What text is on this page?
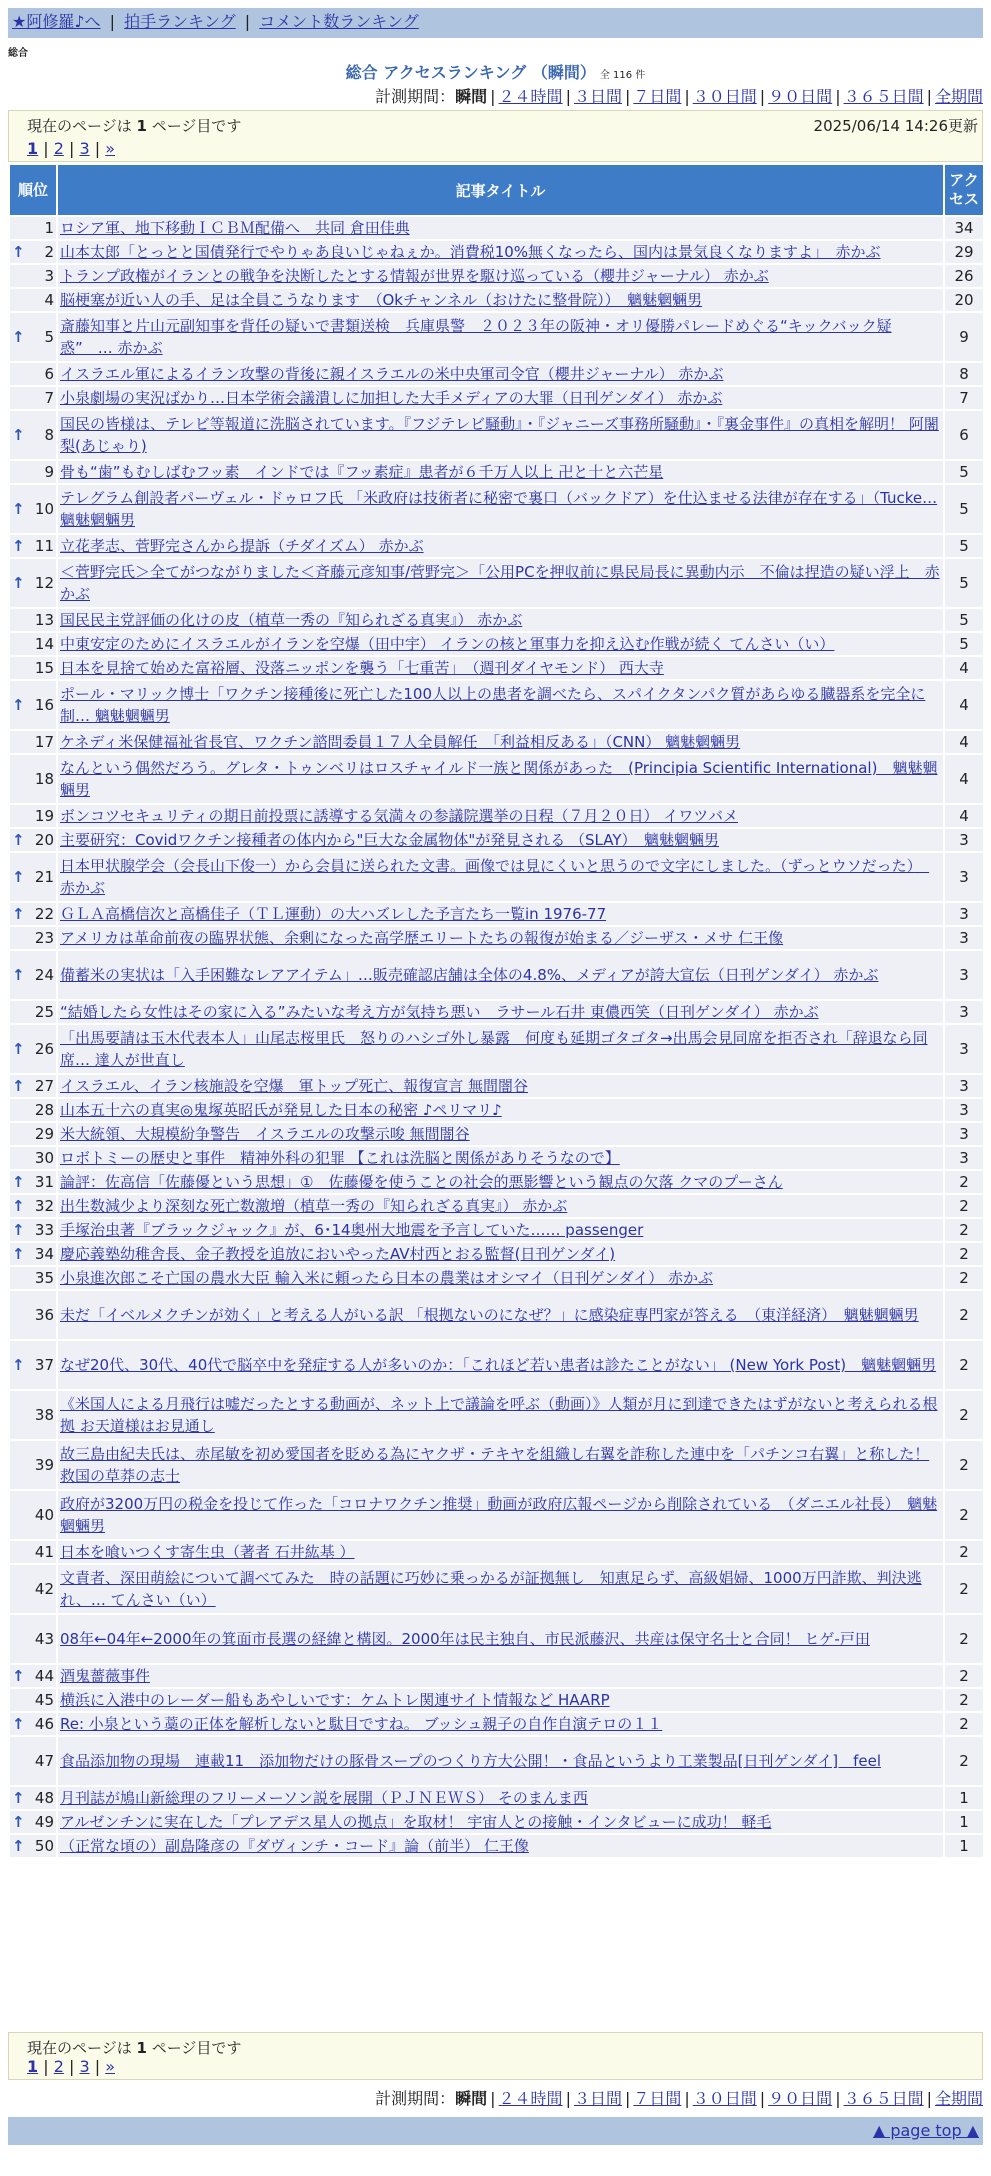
★阿修羅♪へ | 拍手ランキング | コメント数ランキング
総合
総合 アクセスランキング （瞬間） 全 116 件
計測期間：瞬間 | ２４時間 | ３日間 | ７日間 | ３０日間 | ９０日間 | ３６５日間 | 全期間
現在のページは 1 ページ目です	2025/06/14 14:26更新
1 | 2 | 3 | »
順位	記事タイトル	アクセス
1	ロシア軍、地下移動ＩＣＢＭ配備へ　共同 倉田佳典	34

↑ 2	山本太郎「とっとと国債発行でやりゃあ良いじゃねぇか。消費税10%無くなったら、国内は景気良くなりますよ」　赤かぶ	29
3	トランプ政権がイランとの戦争を決断したとする情報が世界を駆け巡っている（櫻井ジャーナル） 赤かぶ	26
4	脳梗塞が近い人の手、足は全員こうなります　（Okチャンネル（おけたに整骨院））　魑魅魍魎男	20

↑ 5	斎藤知事と片山元副知事を背任の疑いで書類送検　兵庫県警　２０２３年の阪神・オリ優勝パレードめぐる“キックバック疑惑”　… 赤かぶ	9
6	イスラエル軍によるイラン攻撃の背後に親イスラエルの米中央軍司令官（櫻井ジャーナル） 赤かぶ	8
7	小泉劇場の実況ばかり…日本学術会議潰しに加担した大手メディアの大罪（日刊ゲンダイ） 赤かぶ	7

↑ 8	国民の皆様は、テレビ等報道に洗脳されています。『フジテレビ騒動』・『ジャニーズ事務所騒動』・『裏金事件』の真相を解明！ 阿闍梨(あじゃり)	6
9	骨も“歯”もむしばむフッ素　インドでは『フッ素症』患者が６千万人以上 卍と十と六芒星	5

↑ 10	テレグラム創設者パーヴェル・ドゥロフ氏 「米政府は技術者に秘密で裏口（バックドア）を仕込ませる法律が存在する」（Tucke… 魑魅魍魎男	5

↑ 11	立花孝志、菅野完さんから提訴（チダイズム） 赤かぶ	5

↑ 12	＜菅野完氏＞全てがつながりました＜斉藤元彦知事/菅野完＞「公用PCを押収前に県民局長に異動内示　不倫は捏造の疑い浮上　赤かぶ	5
13	国民民主党評価の化けの皮（植草一秀の『知られざる真実』） 赤かぶ	5
14	中東安定のためにイスラエルがイランを空爆（田中宇） イランの核と軍事力を抑え込む作戦が続く てんさい（い）	5
15	日本を見捨て始めた富裕層、没落ニッポンを襲う「七重苦」　（週刊ダイヤモンド） 西大寺	4

↑ 16	ポール・マリック博士「ワクチン接種後に死亡した100人以上の患者を調べたら、スパイクタンパク質があらゆる臓器系を完全に制… 魑魅魍魎男	4
17	ケネディ米保健福祉省長官、ワクチン諮問委員１７人全員解任　「利益相反ある」（CNN） 魑魅魍魎男	4
18	なんという偶然だろう。グレタ・トゥンベリはロスチャイルド一族と関係があった　(Principia Scientific International)　魑魅魍魎男	4
19	ボンコツセキュリティの期日前投票に誘導する気満々の参議院選挙の日程（７月２０日） イワツバメ	4

↑ 20	主要研究：Covidワクチン接種者の体内から"巨大な金属物体"が発見される （SLAY）　魑魅魍魎男	3

↑ 21	日本甲状腺学会（会長山下俊一）から会員に送られた文書。画像では見にくいと思うので文字にしました。（ずっとウソだった）　赤かぶ	3

↑ 22	ＧＬＡ高橋信次と高橋佳子（ＴＬ運動）の大ハズレした予言たち一覧in 1976-77	3
23	アメリカは革命前夜の臨界状態、余剰になった高学歴エリートたちの報復が始まる／ジーザス・メサ 仁王像	3

↑ 24	備蓄米の実状は「入手困難なレアアイテム」…販売確認店舗は全体の4.8%、メディアが誇大宣伝（日刊ゲンダイ） 赤かぶ	3
25	“結婚したら女性はその家に入る”みたいな考え方が気持ち悪い　ラサール石井 東儂西笑（日刊ゲンダイ） 赤かぶ	3

↑ 26	「出馬要請は玉木代表本人」山尾志桜里氏　怒りのハシゴ外し暴露　何度も延期ゴタゴタ→出馬会見同席を拒否され「辞退なら同席… 達人が世直し	3

↑ 27	イスラエル、イラン核施設を空爆　軍トップ死亡、報復宣言 無間闇谷	3
28	山本五十六の真実◎鬼塚英昭氏が発見した日本の秘密 ♪ペリマリ♪	3
29	米大統領、大規模紛争警告　イスラエルの攻撃示唆 無間闇谷	3
30	ロボトミーの歴史と事件　精神外科の犯罪 【これは洗脳と関係がありそうなので】	3

↑ 31	論評：佐高信「佐藤優という思想」①　佐藤優を使うことの社会的悪影響という観点の欠落 クマのプーさん	2

↑ 32	出生数減少より深刻な死亡数激増（植草一秀の『知られざる真実』） 赤かぶ	2

↑ 33	手塚治虫著『ブラックジャック』が、6･14奥州大地震を予言していた…… passenger	2

↑ 34	慶応義塾幼稚舎長、金子教授を追放においやったAV村西とおる監督(日刊ゲンダイ)	2
35	小泉進次郎こそ亡国の農水大臣 輸入米に頼ったら日本の農業はオシマイ（日刊ゲンダイ） 赤かぶ	2
36	未だ「イベルメクチンが効く」と考える人がいる訳 「根拠ないのになぜ？」に感染症専門家が答える　（東洋経済）　魑魅魍魎男	2

↑ 37	なぜ20代、30代、40代で脳卒中を発症する人が多いのか：「これほど若い患者は診たことがない」 (New York Post)　魑魅魍魎男	2
38	《米国人による月飛行は嘘だったとする動画が、ネット上で議論を呼ぶ（動画）》人類が月に到達できたはずがないと考えられる根拠 お天道様はお見通し	2
39	故三島由紀夫氏は、赤尾敏を初め愛国者を貶める為にヤクザ・テキヤを組織し右翼を詐称した連中を「パチンコ右翼」と称した！ 救国の草莽の志士	2
40	政府が3200万円の税金を投じて作った「コロナワクチン推奨」動画が政府広報ページから削除されている　（ダニエル社長）　魑魅魍魎男	2
41	日本を喰いつくす寄生虫（著者 石井紘基 ）	2
42	文責者、深田萌絵について調べてみた　時の話題に巧妙に乗っかるが証拠無し　知恵足らず、高級娼婦、1000万円詐欺、判決逃れ、… てんさい（い）	2
43	08年←04年←2000年の箕面市長選の経緯と構図。2000年は民主独自、市民派藤沢、共産は保守名士と合同！ ヒゲ-戸田	2

↑ 44	酒鬼薔薇事件	2
45	横浜に入港中のレーダー船もあやしいです：ケムトレ関連サイト情報など HAARP	2

↑ 46	Re: 小泉という藁の正体を解析しないと駄目ですね。 ブッシュ親子の自作自演テロの１１	2
47	食品添加物の現場　連載11　添加物だけの豚骨スープのつくり方大公開！・食品というより工業製品[日刊ゲンダイ]　feel	2

↑ 48	月刊誌が鳩山新総理のフリーメーソン説を展開（ＰＪＮＥＷＳ） そのまんま西	1

↑ 49	アルゼンチンに実在した「プレアデス星人の拠点」を取材！ 宇宙人との接触・インタビューに成功！ 軽毛	1

↑ 50	（正常な頃の）副島隆彦の『ダヴィンチ・コード』論（前半） 仁王像	1
現在のページは 1 ページ目です
1 | 2 | 3 | »
計測期間：瞬間 | ２４時間 | ３日間 | ７日間 | ３０日間 | ９０日間 | ３６５日間 | 全期間
▲ page top ▲
